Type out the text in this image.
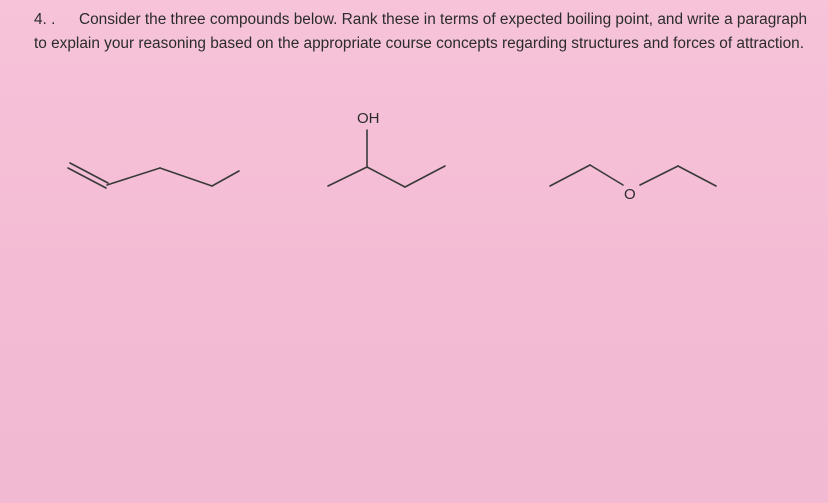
4. . Consider the three compounds below. Rank these in terms of expected boiling point, and write a paragraph to explain your reasoning based on the appropriate course concepts regarding structures and forces of attraction.

OH
O
